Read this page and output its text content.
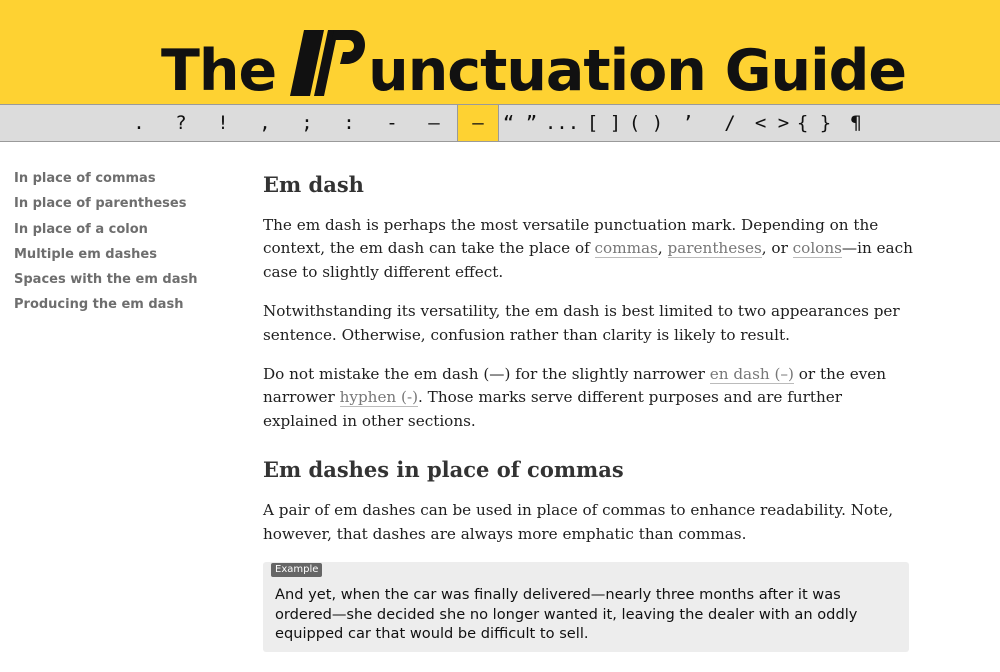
The unctuation Guide
.	?	!	,	;	:	-	–	—	“ ” ... [ ] ( )	’	/	< > { }	¶
In place of commas
In place of parentheses
In place of a colon
Multiple em dashes
Spaces with the em dash
Producing the em dash
Em dash

The em dash is perhaps the most versatile punctuation mark. Depending on the context, the em dash can take the place of commas, parentheses, or colons—in each case to slightly different effect.

Notwithstanding its versatility, the em dash is best limited to two appearances per sentence. Otherwise, confusion rather than clarity is likely to result.

Do not mistake the em dash (—) for the slightly narrower en dash (–) or the even narrower hyphen (-). Those marks serve different purposes and are further explained in other sections.

Em dashes in place of commas

A pair of em dashes can be used in place of commas to enhance readability. Note, however, that dashes are always more emphatic than commas.

Example
And yet, when the car was finally delivered—nearly three months after it was ordered—she decided she no longer wanted it, leaving the dealer with an oddly equipped car that would be difficult to sell.
